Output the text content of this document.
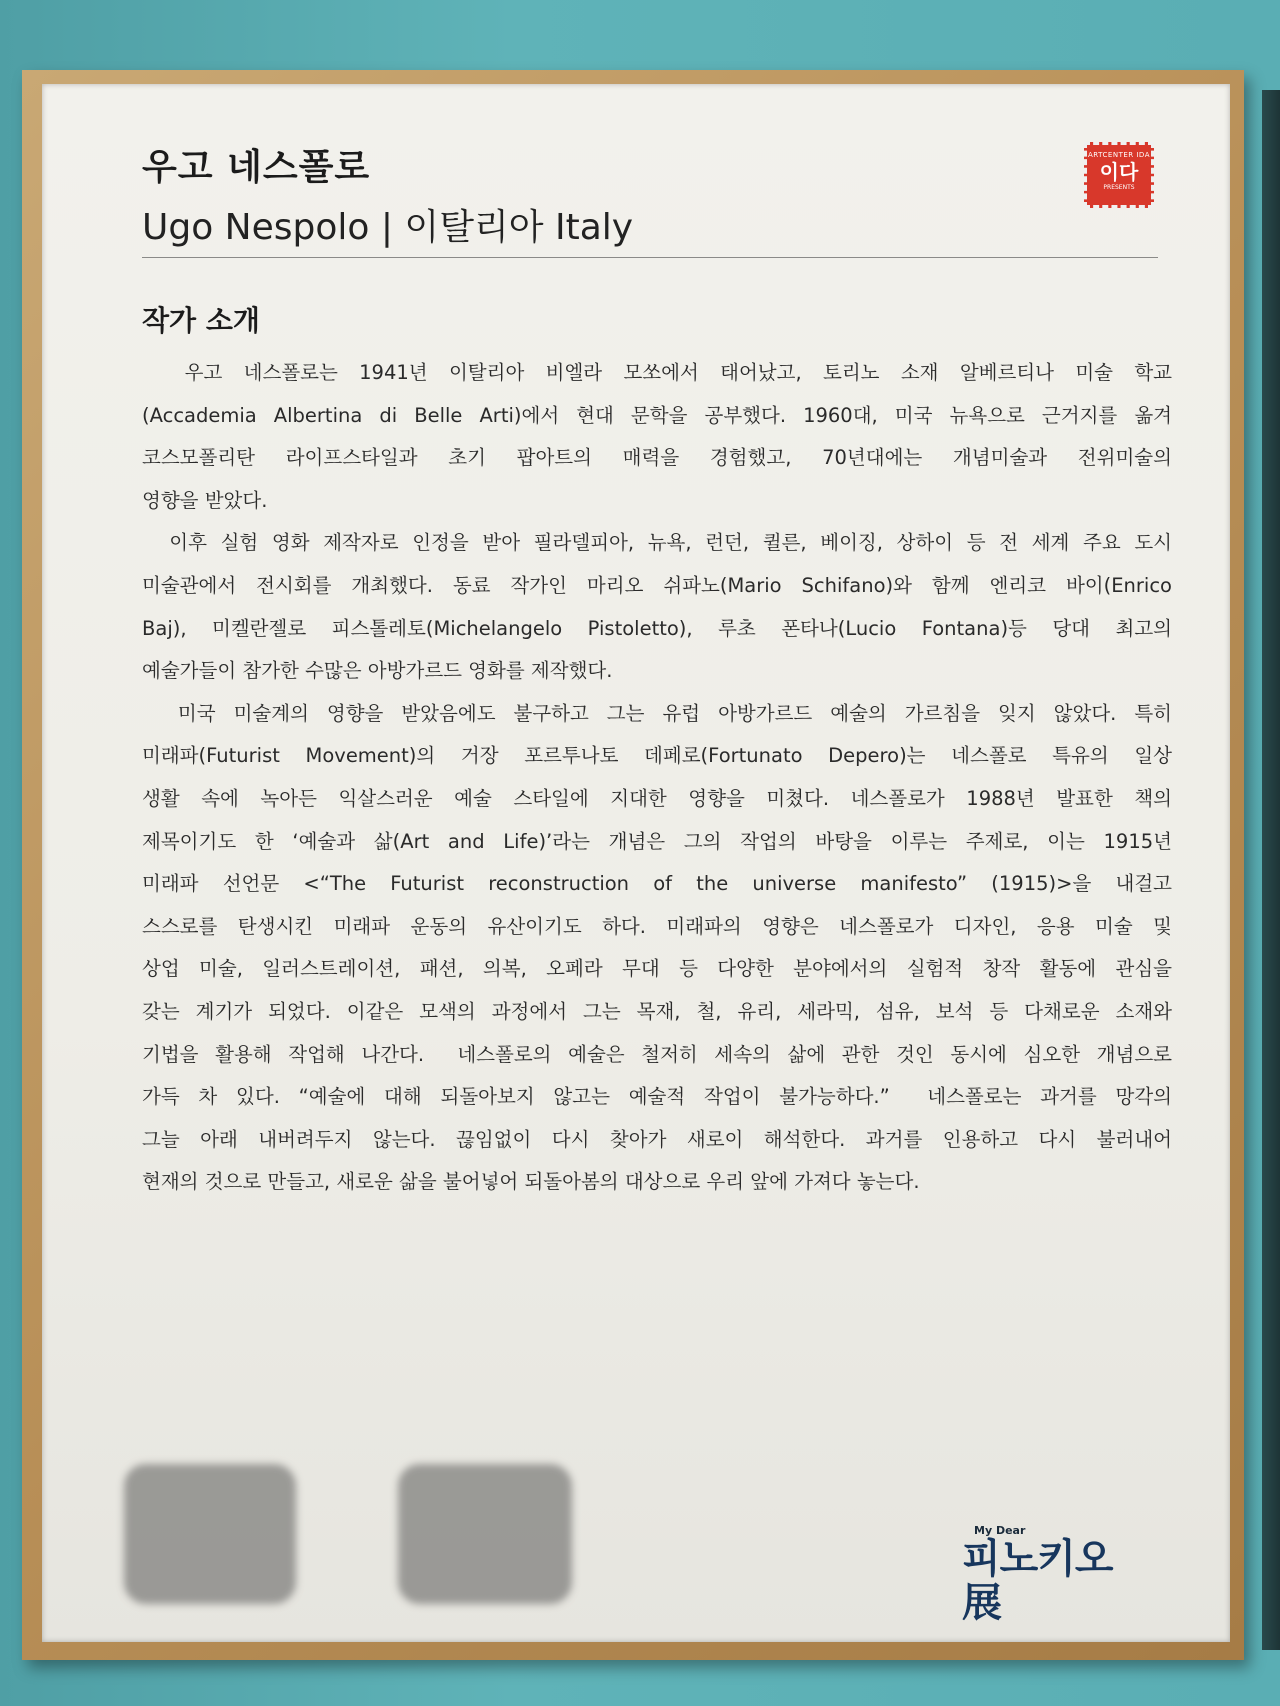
우고 네스폴로
Ugo Nespolo | 이탈리아 Italy
ARTCENTER IDA
이다
PRESENTS
작가 소개
우고 네스폴로는 1941년 이탈리아 비엘라 모쏘에서 태어났고, 토리노 소재 알베르티나 미술 학교
(Accademia Albertina di Belle Arti)에서 현대 문학을 공부했다. 1960대, 미국 뉴욕으로 근거지를 옮겨
코스모폴리탄 라이프스타일과 초기 팝아트의 매력을 경험했고, 70년대에는 개념미술과 전위미술의
영향을 받았다.
이후 실험 영화 제작자로 인정을 받아 필라델피아, 뉴욕, 런던, 퀼른, 베이징, 상하이 등 전 세계 주요 도시
미술관에서 전시회를 개최했다. 동료 작가인 마리오 쉬파노(Mario Schifano)와 함께 엔리코 바이(Enrico
Baj), 미켈란젤로 피스톨레토(Michelangelo Pistoletto), 루초 폰타나(Lucio Fontana)등 당대 최고의
예술가들이 참가한 수많은 아방가르드 영화를 제작했다.
미국 미술계의 영향을 받았음에도 불구하고 그는 유럽 아방가르드 예술의 가르침을 잊지 않았다. 특히
미래파(Futurist Movement)의 거장 포르투나토 데페로(Fortunato Depero)는 네스폴로 특유의 일상
생활 속에 녹아든 익살스러운 예술 스타일에 지대한 영향을 미쳤다. 네스폴로가 1988년 발표한 책의
제목이기도 한 ‘예술과 삶(Art and Life)’라는 개념은 그의 작업의 바탕을 이루는 주제로, 이는 1915년
미래파 선언문 <“The Futurist reconstruction of the universe manifesto” (1915)>을 내걸고
스스로를 탄생시킨 미래파 운동의 유산이기도 하다. 미래파의 영향은 네스폴로가 디자인, 응용 미술 및
상업 미술, 일러스트레이션, 패션, 의복, 오페라 무대 등 다양한 분야에서의 실험적 창작 활동에 관심을
갖는 계기가 되었다. 이같은 모색의 과정에서 그는 목재, 철, 유리, 세라믹, 섬유, 보석 등 다채로운 소재와
기법을 활용해 작업해 나간다.  네스폴로의 예술은 철저히 세속의 삶에 관한 것인 동시에 심오한 개념으로
가득 차 있다. “예술에 대해 되돌아보지 않고는 예술적 작업이 불가능하다.”  네스폴로는 과거를 망각의
그늘 아래 내버려두지 않는다. 끊임없이 다시 찾아가 새로이 해석한다. 과거를 인용하고 다시 불러내어
현재의 것으로 만들고, 새로운 삶을 불어넣어 되돌아봄의 대상으로 우리 앞에 가져다 놓는다.
My Dear
피노키오展
